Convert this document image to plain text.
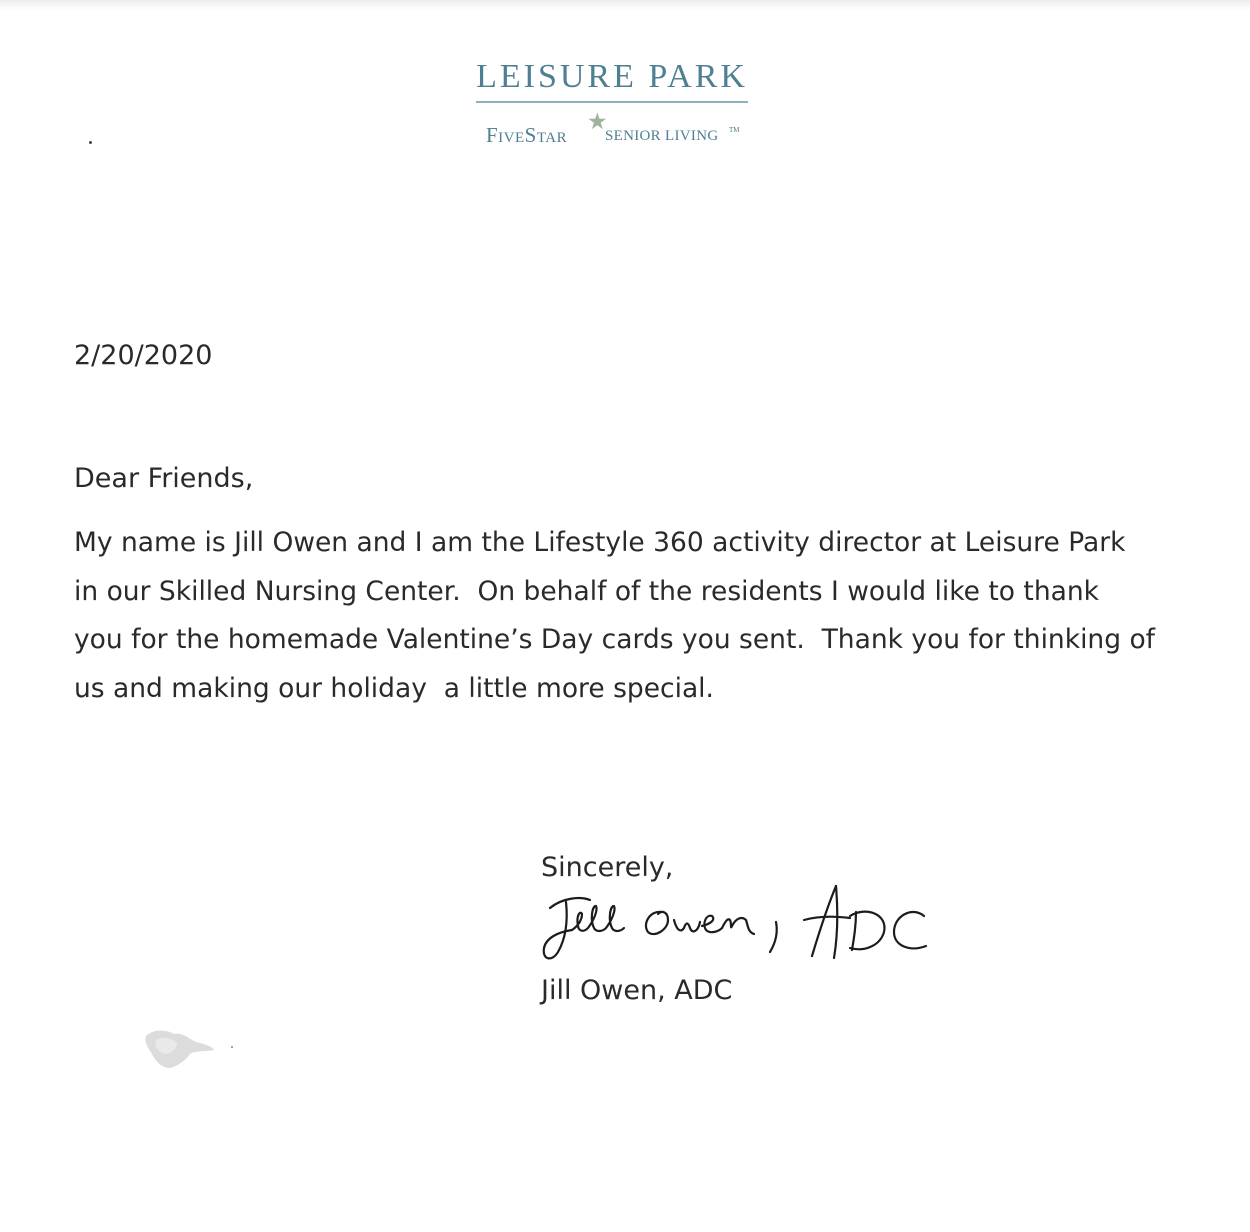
LEISURE PARK
FiveStar
★
SENIOR LIVING TM
2/20/2020
Dear Friends,
My name is Jill Owen and I am the Lifestyle 360 activity director at Leisure Park
in our Skilled Nursing Center.  On behalf of the residents I would like to thank
you for the homemade Valentine’s Day cards you sent.  Thank you for thinking of
us and making our holiday  a little more special.
Sincerely,
Jill Owen, ADC
